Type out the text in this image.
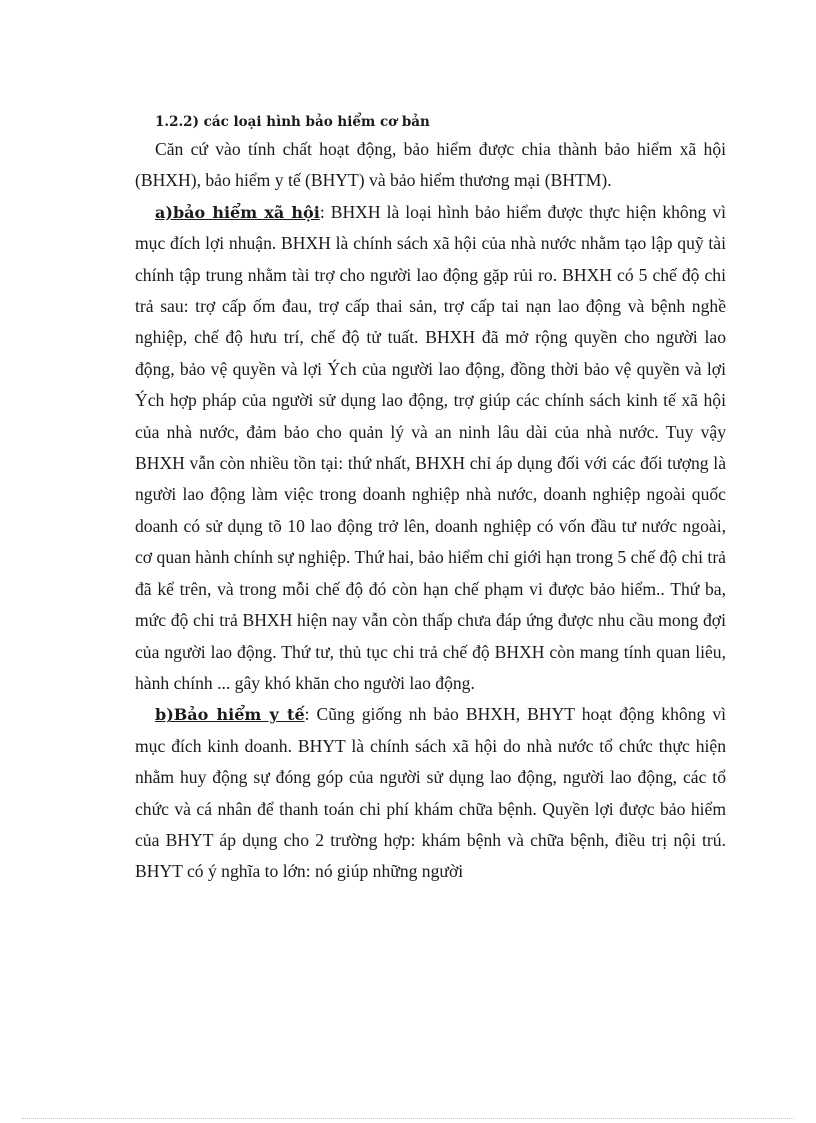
1.2.2) các loại hình bảo hiểm cơ bản

Căn cứ vào tính chất hoạt động, bảo hiểm được chia thành bảo hiểm xã hội (BHXH), bảo hiểm y tế (BHYT) và bảo hiểm thương mại (BHTM).

a)bảo hiểm xã hội: BHXH là loại hình bảo hiểm được thực hiện không vì mục đích lợi nhuận. BHXH là chính sách xã hội của nhà nước nhằm tạo lập quỹ tài chính tập trung nhằm tài trợ cho người lao động gặp rủi ro. BHXH có 5 chế độ chi trả sau: trợ cấp ốm đau, trợ cấp thai sản, trợ cấp tai nạn lao động và bệnh nghề nghiệp, chế độ hưu trí, chế độ tử tuất. BHXH đã mở rộng quyền cho người lao động, bảo vệ quyền và lợi Ých của người lao động, đồng thời bảo vệ quyền và lợi Ých hợp pháp của người sử dụng lao động, trợ giúp các chính sách kinh tế xã hội của nhà nước, đảm bảo cho quản lý và an ninh lâu dài của nhà nước. Tuy vậy BHXH vẫn còn nhiều tồn tại: thứ nhất, BHXH chỉ áp dụng đối với các đối tượng là người lao động làm việc trong doanh nghiệp nhà nước, doanh nghiệp ngoài quốc doanh có sử dụng tõ 10 lao động trở lên, doanh nghiệp có vốn đầu tư nước ngoài, cơ quan hành chính sự nghiệp. Thứ hai, bảo hiểm chỉ giới hạn trong 5 chế độ chi trả đã kể trên, và trong mỗi chế độ đó còn hạn chế phạm vi được bảo hiểm.. Thứ ba, mức độ chi trả BHXH hiện nay vẫn còn thấp chưa đáp ứng được nhu cầu mong đợi của người lao động. Thứ tư, thủ tục chi trả chế độ BHXH còn mang tính quan liêu, hành chính ... gây khó khăn cho người lao động.

b)Bảo hiểm y tế: Cũng giống nh bảo BHXH, BHYT hoạt động không vì mục đích kinh doanh. BHYT là chính sách xã hội do nhà nước tổ chức thực hiện nhằm huy động sự đóng góp của người sử dụng lao động, người lao động, các tổ chức và cá nhân để thanh toán chi phí khám chữa bệnh. Quyền lợi được bảo hiểm của BHYT áp dụng cho 2 trường hợp: khám bệnh và chữa bệnh, điều trị nội trú. BHYT có ý nghĩa to lớn: nó giúp những người
